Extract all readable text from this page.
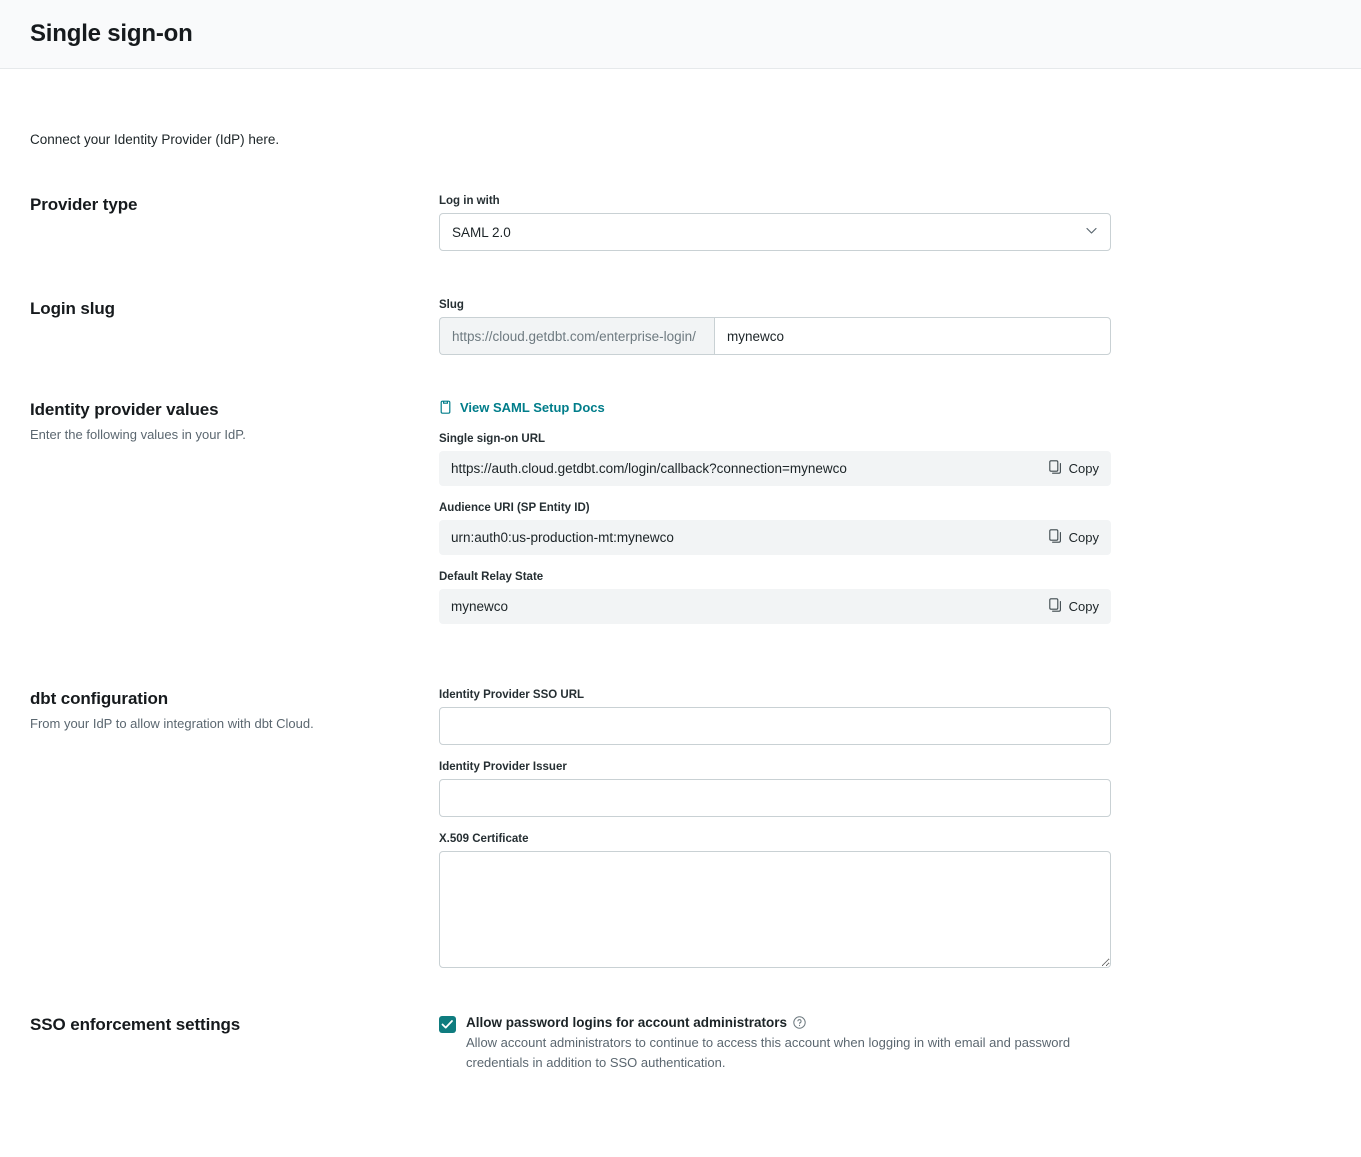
Single sign-on

Connect your Identity Provider (IdP) here.

Provider type	Log in with
SAML 2.0
Login slug	Slug
https://cloud.getdbt.com/enterprise-login/
mynewco
Identity provider values

Enter the following values in your IdP.

View SAML Setup Docs
Single sign-on URL
https://auth.cloud.getdbt.com/login/callback?connection=mynewco	Copy
Audience URI (SP Entity ID)
urn:auth0:us-production-mt:mynewco	Copy
Default Relay State
mynewco	Copy
dbt configuration

From your IdP to allow integration with dbt Cloud.

Identity Provider SSO URL
Identity Provider Issuer
X.509 Certificate
SSO enforcement settings	Allow password logins for account administrators
Allow account administrators to continue to access this account when logging in with email and password credentials in addition to SSO authentication.
